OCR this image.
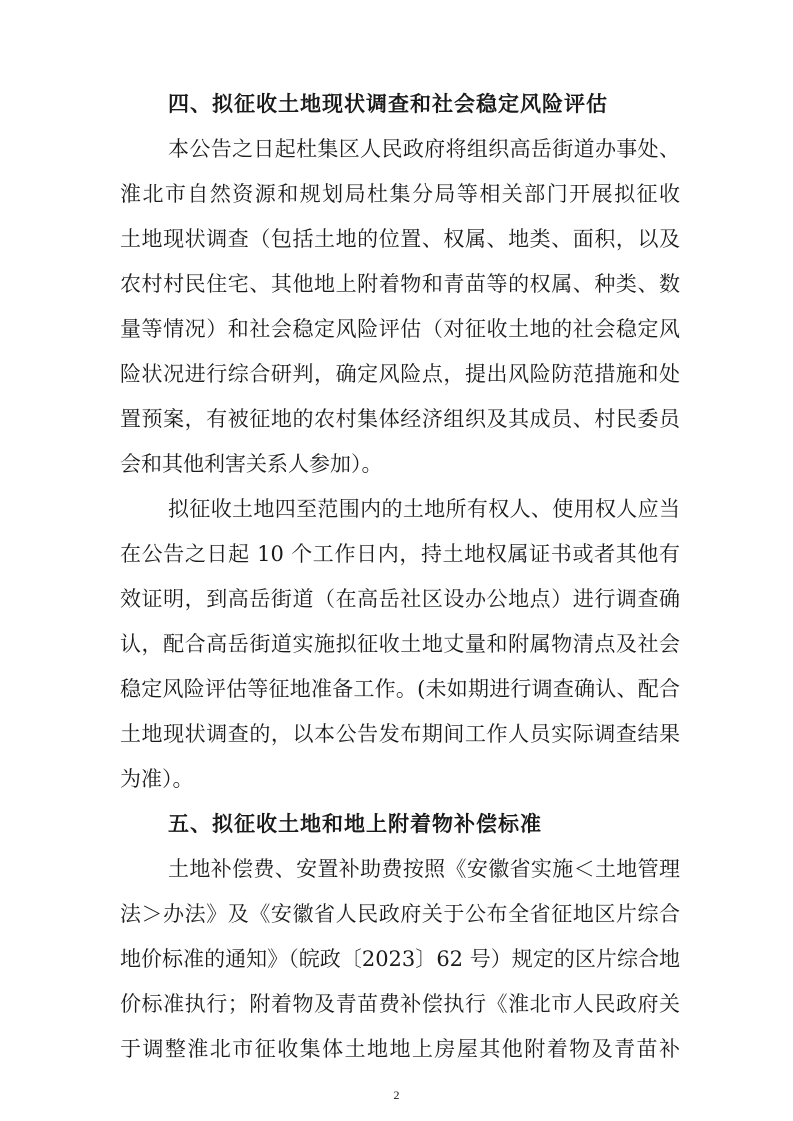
四、拟征收土地现状调查和社会稳定风险评估
本公告之日起杜集区人民政府将组织高岳街道办事处、
淮北市自然资源和规划局杜集分局等相关部门开展拟征收
土地现状调查（包括土地的位置、权属、地类、面积，以及
农村村民住宅、其他地上附着物和青苗等的权属、种类、数
量等情况）和社会稳定风险评估（对征收土地的社会稳定风
险状况进行综合研判，确定风险点，提出风险防范措施和处
置预案，有被征地的农村集体经济组织及其成员、村民委员
会和其他利害关系人参加）。
拟征收土地四至范围内的土地所有权人、使用权人应当
在公告之日起 10 个工作日内，持土地权属证书或者其他有
效证明，到高岳街道（在高岳社区设办公地点）进行调查确
认，配合高岳街道实施拟征收土地丈量和附属物清点及社会
稳定风险评估等征地准备工作。(未如期进行调查确认、配合
土地现状调查的，以本公告发布期间工作人员实际调查结果
为准）。
五、拟征收土地和地上附着物补偿标准
土地补偿费、安置补助费按照《安徽省实施＜土地管理
法＞办法》及《安徽省人民政府关于公布全省征地区片综合
地价标准的通知》（皖政〔2023〕62 号）规定的区片综合地
价标准执行；附着物及青苗费补偿执行《淮北市人民政府关
于调整淮北市征收集体土地地上房屋其他附着物及青苗补
2
